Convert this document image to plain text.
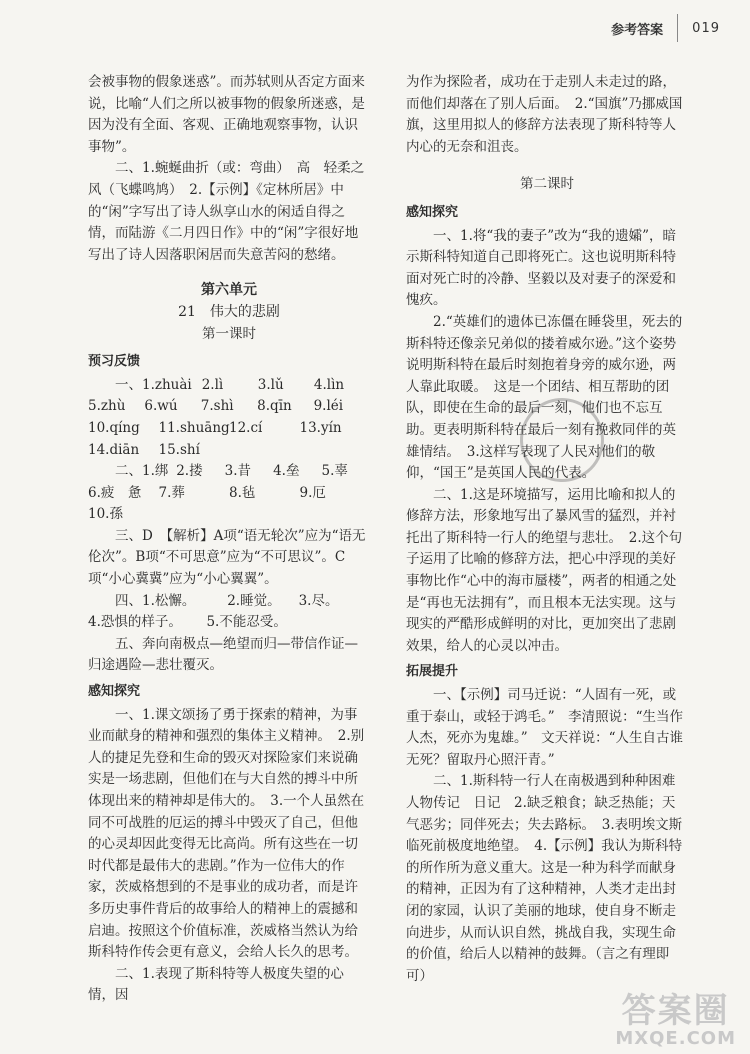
参考答案 019

会被事物的假象迷惑”。而苏轼则从否定方面来说，比喻“人们之所以被事物的假象所迷惑，是因为没有全面、客观、正确地观察事物，认识事物”。

二、1.蜿蜒曲折（或：弯曲）　高　轻柔之风（飞蝶鸣鸠）　2.【示例】《定林所居》中的“闲”字写出了诗人纵享山水的闲适自得之情，而陆游《二月四日作》中的“闲”字很好地写出了诗人因落职闲居而失意苦闷的愁绪。

第六单元

21　伟大的悲剧

第一课时

预习反馈

一、1.zhuài 2.lì	3.lǔ	4.lìn
5.zhù	6.wú	7.shì	8.qīn	9.léi
10.qíng	11.shuāng 12.cí	13.yín
14.diān	15.shí
二、1.绑 2.搂	3.昔	4.垒	5.辜
6.疲　惫	7.葬	8.毡	9.厄
10.孫

三、D　【解析】A项“语无轮次”应为“语无伦次”。B项“不可思意”应为“不可思议”。C项“小心冀冀”应为“小心翼翼”。

四、1.松懈。	2.睡觉。	3.尽。
4.恐惧的样子。	5.不能忍受。

五、奔向南极点—绝望而归—带信作证—归途遇险—悲壮覆灭。

感知探究

一、1.课文颂扬了勇于探索的精神，为事业而献身的精神和强烈的集体主义精神。　2.别人的捷足先登和生命的毁灭对探险家们来说确实是一场悲剧，但他们在与大自然的搏斗中所体现出来的精神却是伟大的。　3.一个人虽然在同不可战胜的厄运的搏斗中毁灭了自己，但他的心灵却因此变得无比高尚。所有这些在一切时代都是最伟大的悲剧。”作为一位伟大的作家，茨威格想到的不是事业的成功者，而是许多历史事件背后的故事给人的精神上的震撼和启迪。按照这个价值标准，茨威格当然认为给斯科特作传会更有意义，会给人长久的思考。

二、1.表现了斯科特等人极度失望的心情，因

为作为探险者，成功在于走别人未走过的路，而他们却落在了别人后面。　2.“国旗”乃挪威国旗，这里用拟人的修辞方法表现了斯科特等人内心的无奈和沮丧。

第二课时

感知探究

一、1.将“我的妻子”改为“我的遗孀”，暗示斯科特知道自己即将死亡。这也说明斯科特面对死亡时的冷静、坚毅以及对妻子的深爱和愧疚。

2.“英雄们的遗体已冻僵在睡袋里，死去的斯科特还像亲兄弟似的搂着威尔逊。”这个姿势说明斯科特在最后时刻抱着身旁的威尔逊，两人靠此取暖。　这是一个团结、相互帮助的团队，即使在生命的最后一刻，他们也不忘互助。更表明斯科特在最后一刻有挽救同伴的英雄情结。　3.这样写表现了人民对他们的敬仰，“国王”是英国人民的代表。

二、1.这是环境描写，运用比喻和拟人的修辞方法，形象地写出了暴风雪的猛烈，并衬托出了斯科特一行人的绝望与悲壮。　2.这个句子运用了比喻的修辞方法，把心中浮现的美好事物比作“心中的海市蜃楼”，两者的相通之处是“再也无法拥有”，而且根本无法实现。这与现实的严酷形成鲜明的对比，更加突出了悲剧效果，给人的心灵以冲击。

拓展提升

一、【示例】司马迁说：“人固有一死，或重于泰山，或轻于鸿毛。”　李清照说：“生当作人杰，死亦为鬼雄。”　文天祥说：“人生自古谁无死？留取丹心照汗青。”

二、1.斯科特一行人在南极遇到种种困难

人物传记　日记　2.缺乏粮食；缺乏热能；天气恶劣；同伴死去；失去路标。　3.表明埃文斯临死前极度地绝望。　4.【示例】我认为斯科特的所作所为意义重大。这是一种为科学而献身的精神，正因为有了这种精神，人类才走出封闭的家园，认识了美丽的地球，使自身不断走向进步，从而认识自然，挑战自我，实现生命的价值，给后人以精神的鼓舞。（言之有理即可）

答案圈
MXQE.COM
